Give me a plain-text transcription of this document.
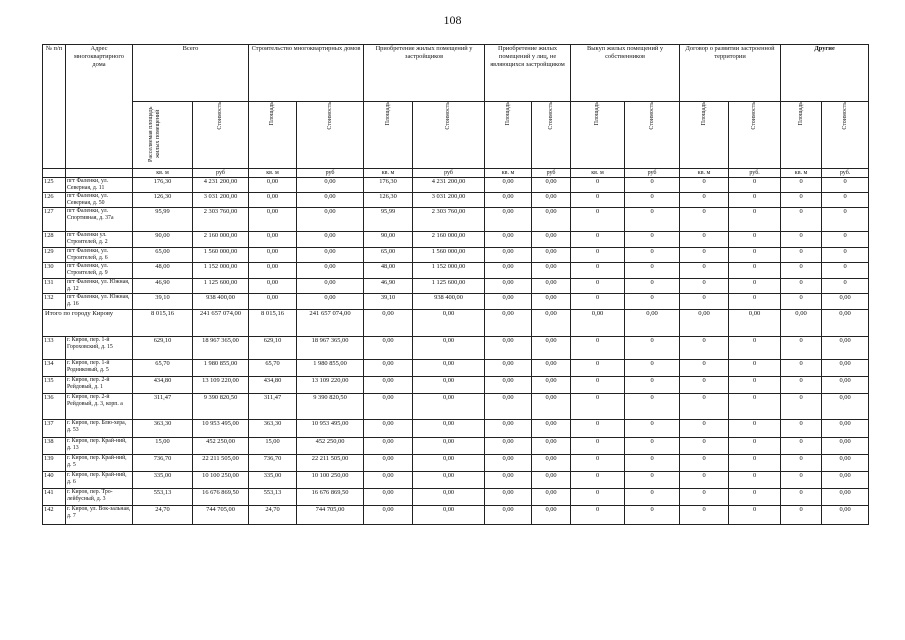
108
№ п/п	Адрес многоквартирного дома	Всего		Строительство многоквартирных домов		Приобретение жилых помещений у застройщиков		Приобретение жилых помещений у лиц, не являющихся застройщиком		Выкуп жилых помещений у собственников		Договор о развитии застроенной территории		Другие	

		Расселяемая площадь жилых помещений	Стоимость	Площадь	Стоимость	Площадь	Стоимость	Площадь	Стоимость	Площадь	Стоимость	Площадь	Стоимость	Площадь	Стоимость

		кв. м	руб	кв. м	руб	кв. м	руб	кв. м	руб	кв. м	руб	кв. м	руб.	кв. м	руб.
125	пгт Фаленки, ул. Северная, д. 11	176,30	4 231 200,00	0,00	0,00	176,30	4 231 200,00	0,00	0,00	0	0	0	0	0	0
126	пгт Фаленки, ул. Северная, д. 50	126,30	3 031 200,00	0,00	0,00	126,30	3 031 200,00	0,00	0,00	0	0	0	0	0	0
127	пгт Фаленки, ул. Спортивная, д. 37а	95,99	2 303 760,00	0,00	0,00	95,99	2 303 760,00	0,00	0,00	0	0	0	0	0	0
128	пгт Фаленки ул. Строителей, д. 2	90,00	2 160 000,00	0,00	0,00	90,00	2 160 000,00	0,00	0,00	0	0	0	0	0	0
129	пгт Фаленки, ул. Строителей, д. 6	65,00	1 560 000,00	0,00	0,00	65,00	1 560 000,00	0,00	0,00	0	0	0	0	0	0
130	пгт Фаленки, ул. Строителей, д. 9	48,00	1 152 000,00	0,00	0,00	48,00	1 152 000,00	0,00	0,00	0	0	0	0	0	0
131	пгт Фаленки, ул. Южная, д. 12	46,90	1 125 600,00	0,00	0,00	46,90	1 125 600,00	0,00	0,00	0	0	0	0	0	0
132	пгт Фаленки, ул. Южная, д. 16	39,10	938 400,00	0,00	0,00	39,10	938 400,00	0,00	0,00	0	0	0	0	0	0,00
Итого по городу Кирову		8 015,16	241 657 074,00	8 015,16	241 657 074,00	0,00	0,00	0,00	0,00	0,00	0,00	0,00	0,00	0,00	0,00
133	г. Киров, пер. 1-й Гороховский, д. 15	629,10	18 967 365,00	629,10	18 967 365,00	0,00	0,00	0,00	0,00	0	0	0	0	0	0,00
134	г. Киров, пер. 1-й Родниковый, д. 5	65,70	1 980 855,00	65,70	1 980 855,00	0,00	0,00	0,00	0,00	0	0	0	0	0	0,00
135	г. Киров, пер. 2-й Рейдовый, д. 1	434,80	13 109 220,00	434,80	13 109 220,00	0,00	0,00	0,00	0,00	0	0	0	0	0	0,00
136	г. Киров, пер. 2-й Рейдовый, д. 3, корп. а	311,47	9 390 820,50	311,47	9 390 820,50	0,00	0,00	0,00	0,00	0	0	0	0	0	0,00
137	г. Киров, пер. Блю-хера, д. 53	363,30	10 953 495,00	363,30	10 953 495,00	0,00	0,00	0,00	0,00	0	0	0	0	0	0,00
138	г. Киров, пер. Край-ний, д. 13	15,00	452 250,00	15,00	452 250,00	0,00	0,00	0,00	0,00	0	0	0	0	0	0,00
139	г. Киров, пер. Край-ний, д. 5	736,70	22 211 505,00	736,70	22 211 505,00	0,00	0,00	0,00	0,00	0	0	0	0	0	0,00
140	г. Киров, пер. Край-ний, д. 6	335,00	10 100 250,00	335,00	10 100 250,00	0,00	0,00	0,00	0,00	0	0	0	0	0	0,00
141	г. Киров, пер. Тро-лейбусный, д. 3	553,13	16 676 869,50	553,13	16 676 869,50	0,00	0,00	0,00	0,00	0	0	0	0	0	0,00
142	г. Киров, ул. Вок-зальная, д. 7	24,70	744 705,00	24,70	744 705,00	0,00	0,00	0,00	0,00	0	0	0	0	0	0,00
